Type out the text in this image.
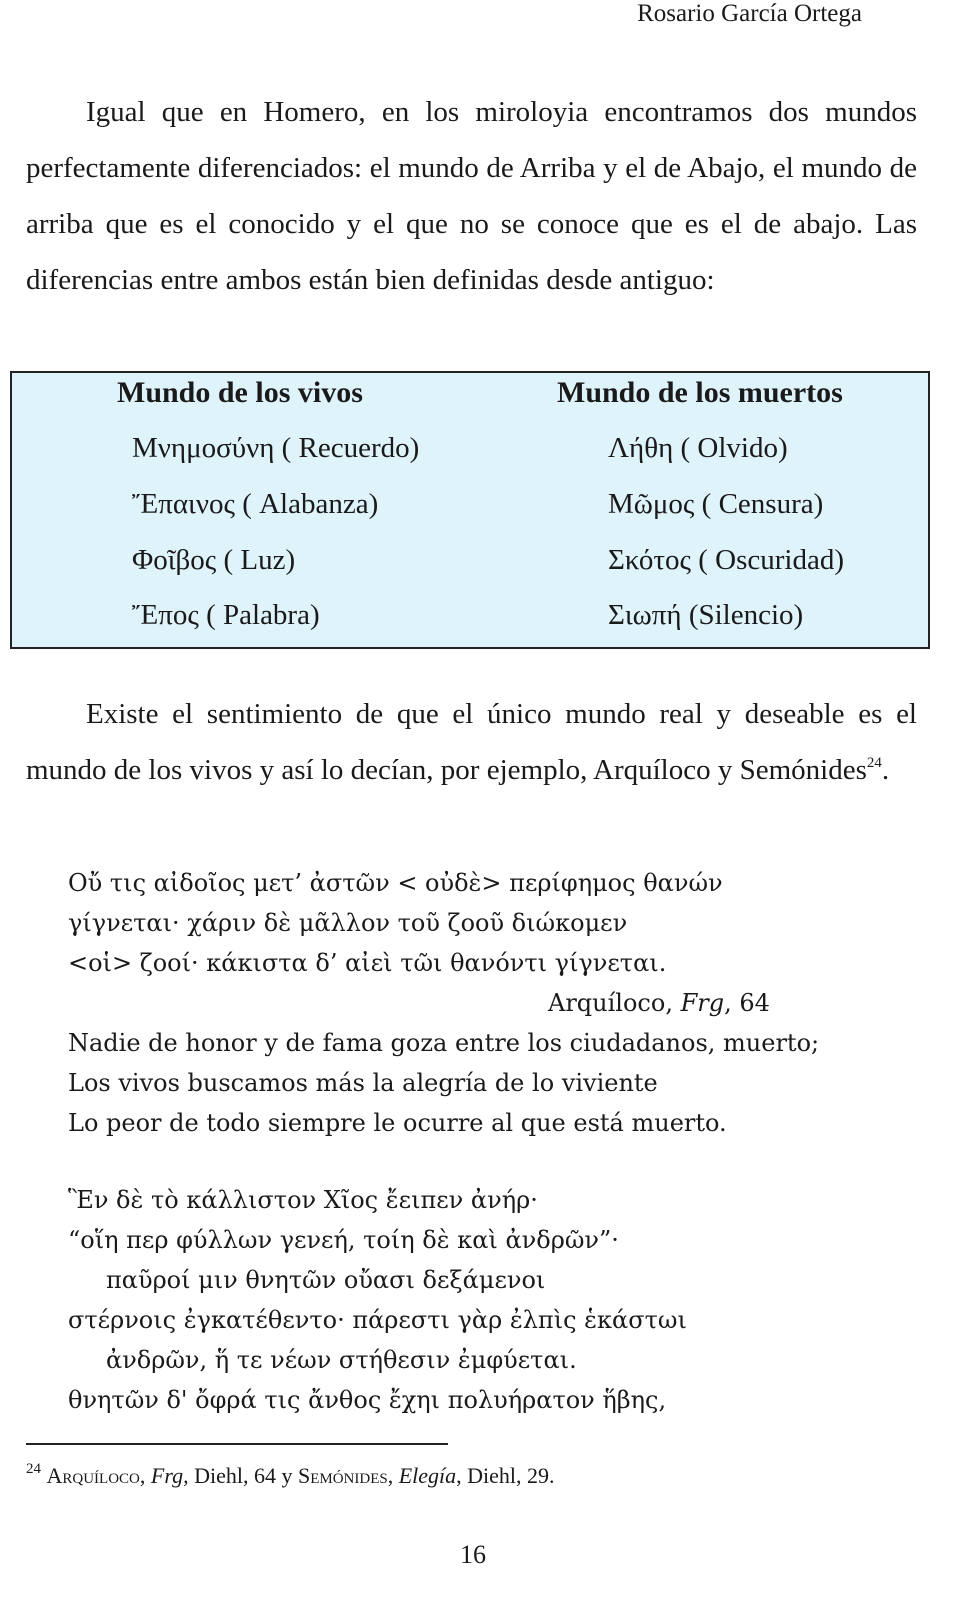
Rosario García Ortega

Igual que en Homero, en los miroloyia encontramos dos mundos perfectamente diferenciados: el mundo de Arriba y el de Abajo, el mundo de arriba que es el conocido y el que no se conoce que es el de abajo. Las diferencias entre ambos están bien definidas desde antiguo:

Mundo de los vivos	Mundo de los muertos
Μνημοσύνη ( Recuerdo)	Λήθη ( Olvido)
Ἔπαινος ( Alabanza)	Μῶμος ( Censura)
Φοῖβος ( Luz)	Σκότος ( Oscuridad)
Ἔπος ( Palabra)	Σιωπή (Silencio)

Existe el sentimiento de que el único mundo real y deseable es el mundo de los vivos y así lo decían, por ejemplo, Arquíloco y Semónides$^{24}$.

Οὔ τις αἰδοῖος μετ’ ἀστῶν < οὐδὲ> περίφημος θανών
γίγνεται· χάριν δὲ μᾶλλον τοῦ ζοοῦ διώκομεν
<οἱ> ζοοί· κάκιστα δ’ αἰεὶ τῶι θανόντι γίγνεται.
Arquíloco, Frg, 64
Nadie de honor y de fama goza entre los ciudadanos, muerto;
Los vivos buscamos más la alegría de lo viviente
Lo peor de todo siempre le ocurre al que está muerto.
Ἓν δὲ τὸ κάλλιστον Χῖος ἔειπεν ἀνήρ·
“οἵη περ φύλλων γενεή, τοίη δὲ καὶ ἀνδρῶν”·
παῦροί μιν θνητῶν οὔασι δεξάμενοι
στέρνοις ἐγκατέθεντο· πάρεστι γὰρ ἐλπὶς ἑκάστωι
ἀνδρῶν, ἥ τε νέων στήθεσιν ἐμφύεται.
θνητῶν δ' ὄφρά τις ἄνθος ἔχηι πολυήρατον ἥβης,
$^{24}$ Arquíloco, Frg, Diehl, 64 y Semónides, Elegía, Diehl, 29.
16
